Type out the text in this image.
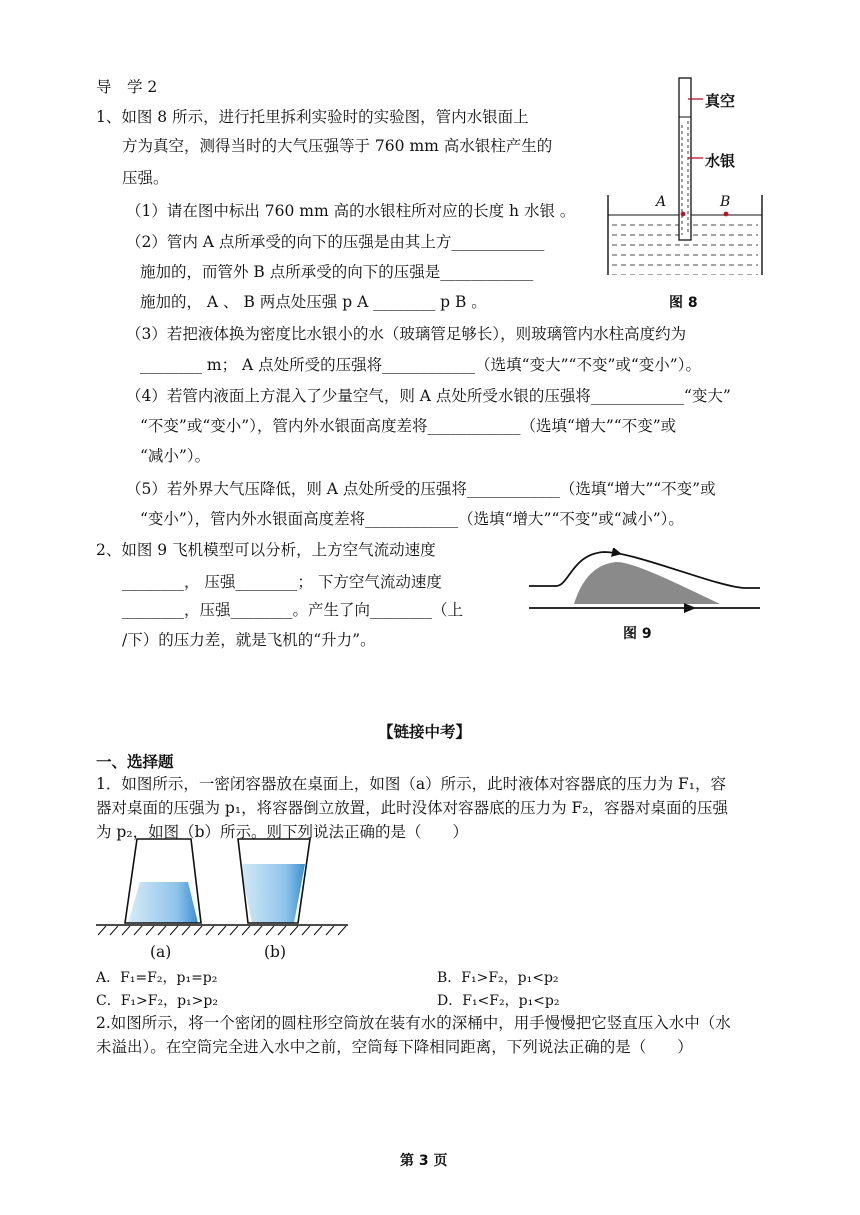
导　学 2
1、如图 8 所示，进行托里拆利实验时的实验图，管内水银面上
方为真空，测得当时的大气压强等于 760 mm 高水银柱产生的
压强。
（1）请在图中标出 760 mm 高的水银柱所对应的长度 h 水银 。
（2）管内 A 点所承受的向下的压强是由其上方____________
施加的，而管外 B 点所承受的向下的压强是____________
施加的， A 、 B 两点处压强 p A ________ p B 。
（3）若把液体换为密度比水银小的水（玻璃管足够长），则玻璃管内水柱高度约为
________ m； A 点处所受的压强将____________（选填“变大”“不变”或“变小”）。
（4）若管内液面上方混入了少量空气，则 A 点处所受水银的压强将____________“变大”
“不变”或“变小”），管内外水银面高度差将____________（选填“增大”“不变”或
“减小”）。
（5）若外界大气压降低，则 A 点处所受的压强将____________（选填“增大”“不变”或
“变小”），管内外水银面高度差将____________（选填“增大”“不变”或“减小”）。
真空
水银
A	B
图 8
2、如图 9 飞机模型可以分析，上方空气流动速度
________， 压强________； 下方空气流动速度
________，压强________。产生了向________（上
/下）的压力差，就是飞机的“升力”。	图 9
【链接中考】
一、选择题
1．如图所示，一密闭容器放在桌面上，如图（a）所示，此时液体对容器底的压力为 F₁，容
器对桌面的压强为 p₁，将容器倒立放置，此时没体对容器底的压力为 F₂，容器对桌面的压强
为 p₂，如图（b）所示。则下列说法正确的是（　　）
(a)	(b)
A．F₁=F₂，p₁=p₂	B．F₁>F₂，p₁<p₂
C．F₁>F₂，p₁>p₂	D．F₁<F₂，p₁<p₂
2.如图所示，将一个密闭的圆柱形空筒放在装有水的深桶中，用手慢慢把它竖直压入水中（水
未溢出）。在空筒完全进入水中之前，空筒每下降相同距离，下列说法正确的是（　　）
第 3 页
